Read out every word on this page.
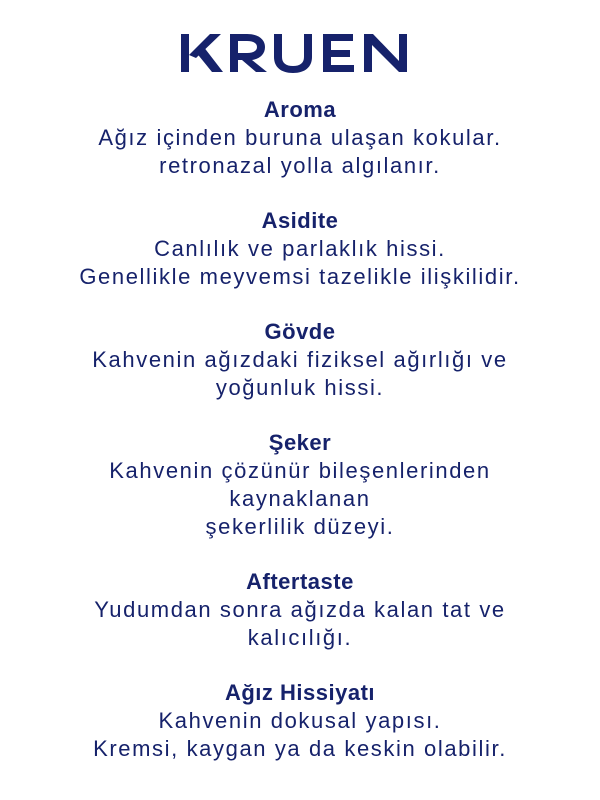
Aroma

Ağız içinden buruna ulaşan kokular.

retronazal yolla algılanır.

Asidite

Canlılık ve parlaklık hissi.

Genellikle meyvemsi tazelikle ilişkilidir.

Gövde

Kahvenin ağızdaki fiziksel ağırlığı ve

yoğunluk hissi.

Şeker

Kahvenin çözünür bileşenlerinden

kaynaklanan

şekerlilik düzeyi.

Aftertaste

Yudumdan sonra ağızda kalan tat ve

kalıcılığı.

Ağız Hissiyatı

Kahvenin dokusal yapısı.

Kremsi, kaygan ya da keskin olabilir.
